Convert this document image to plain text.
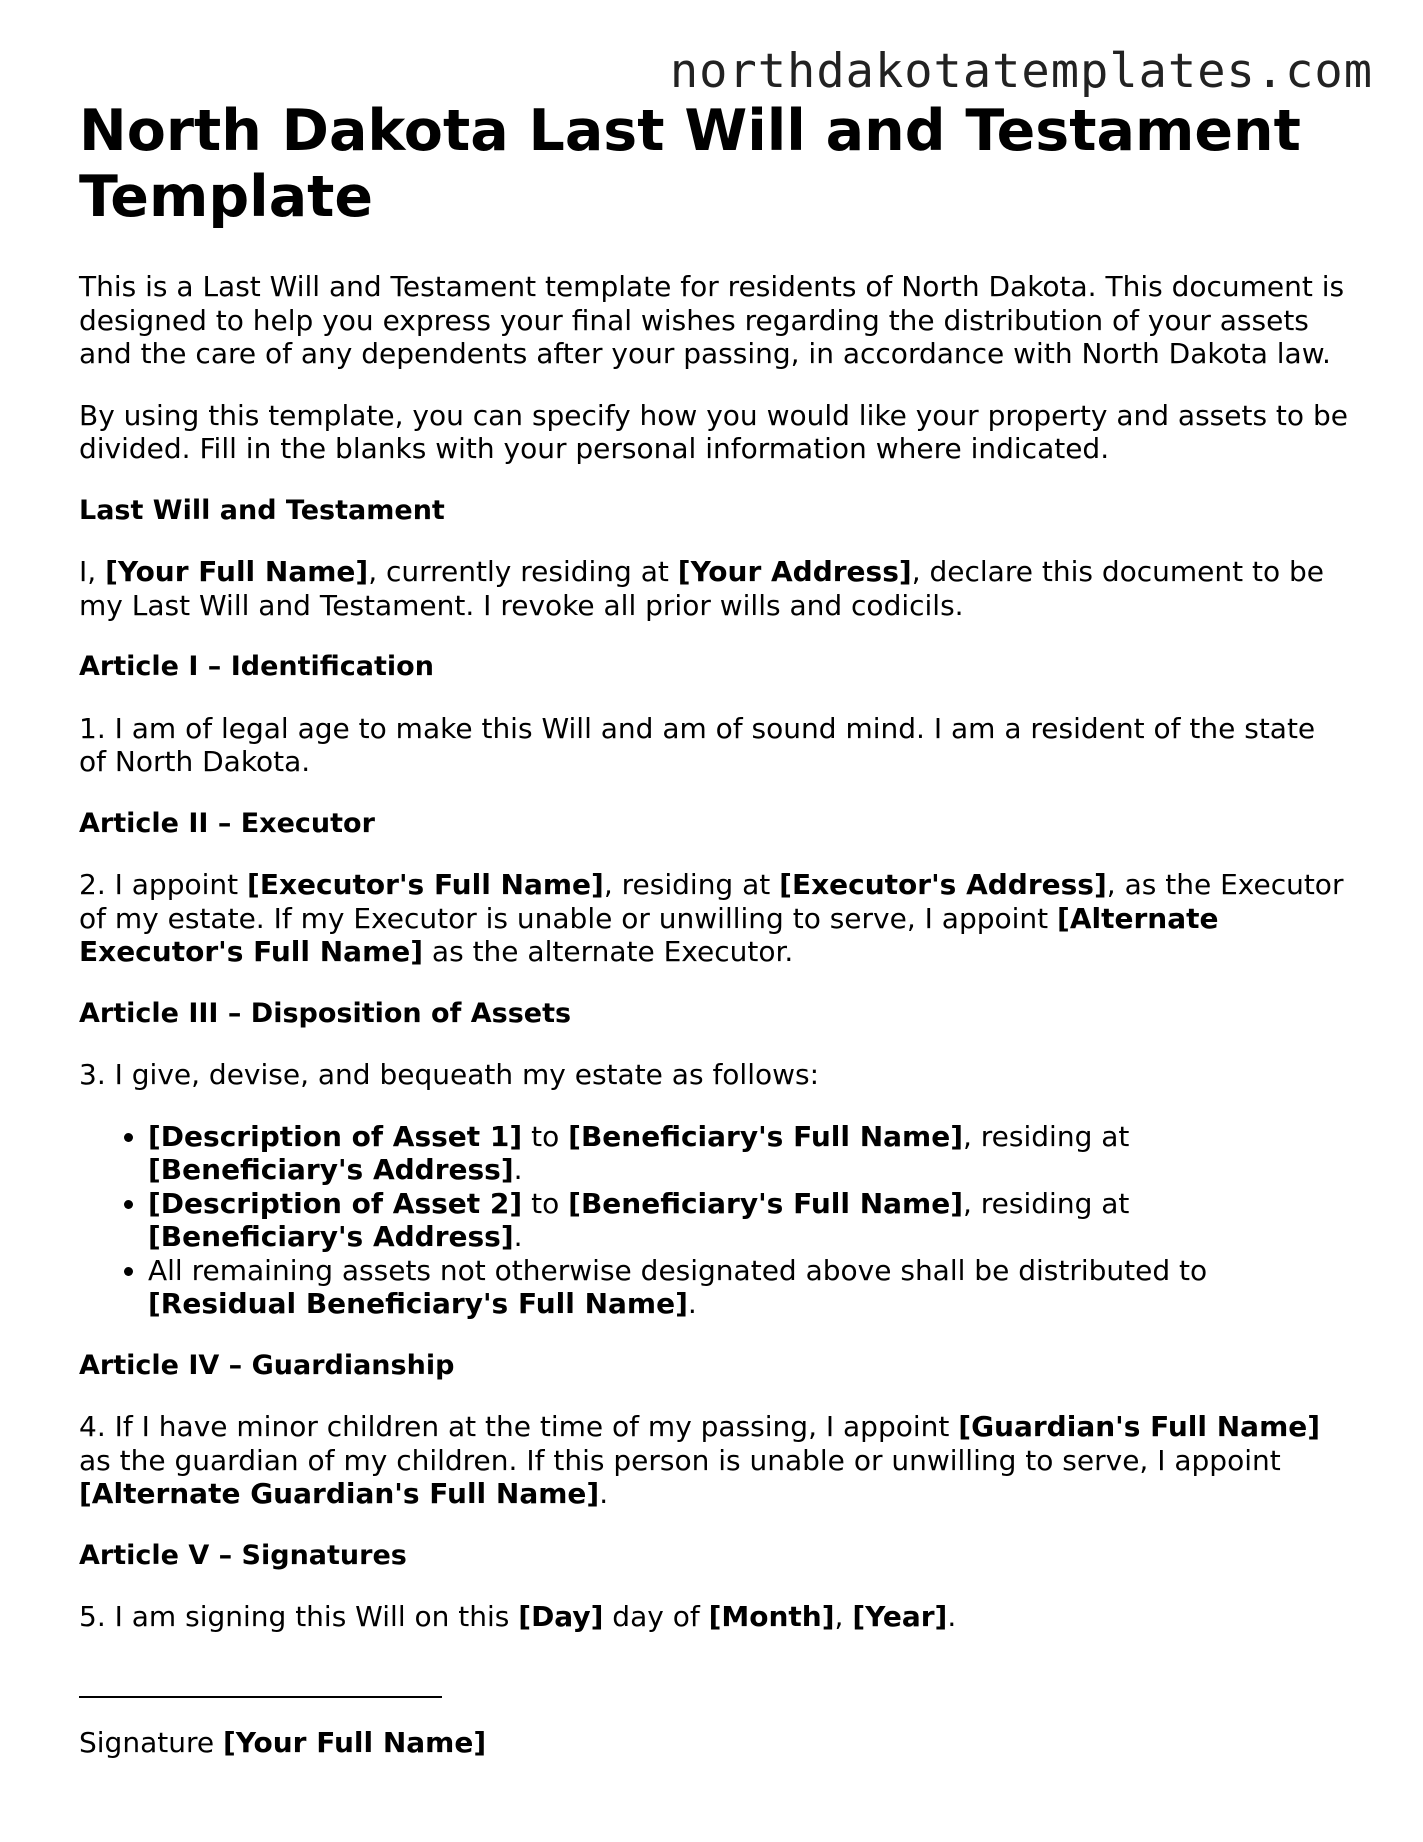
northdakotatemplates.com
North Dakota Last Will and Testament Template

This is a Last Will and Testament template for residents of North Dakota. This document is designed to help you express your final wishes regarding the distribution of your assets and the care of any dependents after your passing, in accordance with North Dakota law.

By using this template, you can specify how you would like your property and assets to be divided. Fill in the blanks with your personal information where indicated.

Last Will and Testament

I, [Your Full Name], currently residing at [Your Address], declare this document to be my Last Will and Testament. I revoke all prior wills and codicils.

Article I – Identification

1. I am of legal age to make this Will and am of sound mind. I am a resident of the state of North Dakota.

Article II – Executor

2. I appoint [Executor's Full Name], residing at [Executor's Address], as the Executor of my estate. If my Executor is unable or unwilling to serve, I appoint [Alternate Executor's Full Name] as the alternate Executor.

Article III – Disposition of Assets

3. I give, devise, and bequeath my estate as follows:

• [Description of Asset 1] to [Beneficiary's Full Name], residing at [Beneficiary's Address].
• [Description of Asset 2] to [Beneficiary's Full Name], residing at [Beneficiary's Address].
• All remaining assets not otherwise designated above shall be distributed to [Residual Beneficiary's Full Name].
Article IV – Guardianship

4. If I have minor children at the time of my passing, I appoint [Guardian's Full Name] as the guardian of my children. If this person is unable or unwilling to serve, I appoint [Alternate Guardian's Full Name].

Article V – Signatures

5. I am signing this Will on this [Day] day of [Month], [Year].

Signature [Your Full Name]
